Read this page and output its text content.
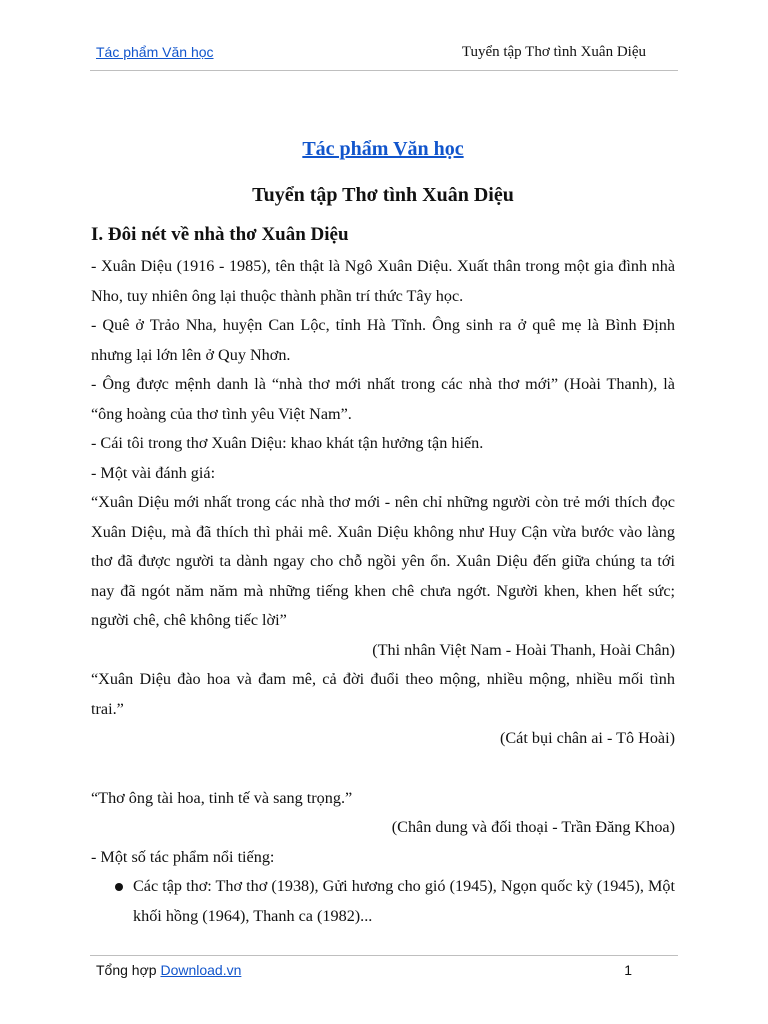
Tác phẩm Văn học	Tuyển tập Thơ tình Xuân Diệu
Tác phẩm Văn học
Tuyển tập Thơ tình Xuân Diệu
I. Đôi nét về nhà thơ Xuân Diệu

- Xuân Diệu (1916 - 1985), tên thật là Ngô Xuân Diệu. Xuất thân trong một gia đình nhà Nho, tuy nhiên ông lại thuộc thành phần trí thức Tây học.

- Quê ở Trảo Nha, huyện Can Lộc, tỉnh Hà Tĩnh. Ông sinh ra ở quê mẹ là Bình Định nhưng lại lớn lên ở Quy Nhơn.

- Ông được mệnh danh là “nhà thơ mới nhất trong các nhà thơ mới” (Hoài Thanh), là “ông hoàng của thơ tình yêu Việt Nam”.

- Cái tôi trong thơ Xuân Diệu: khao khát tận hưởng tận hiến.

- Một vài đánh giá:

“Xuân Diệu mới nhất trong các nhà thơ mới - nên chỉ những người còn trẻ mới thích đọc Xuân Diệu, mà đã thích thì phải mê. Xuân Diệu không như Huy Cận vừa bước vào làng thơ đã được người ta dành ngay cho chỗ ngồi yên ổn. Xuân Diệu đến giữa chúng ta tới nay đã ngót năm năm mà những tiếng khen chê chưa ngớt. Người khen, khen hết sức; người chê, chê không tiếc lời”

(Thi nhân Việt Nam - Hoài Thanh, Hoài Chân)

“Xuân Diệu đào hoa và đam mê, cả đời đuổi theo mộng, nhiều mộng, nhiều mối tình trai.”

(Cát bụi chân ai - Tô Hoài)

“Thơ ông tài hoa, tinh tế và sang trọng.”

(Chân dung và đối thoại - Trần Đăng Khoa)

- Một số tác phẩm nổi tiếng:

Các tập thơ: Thơ thơ (1938), Gửi hương cho gió (1945), Ngọn quốc kỳ (1945), Một khối hồng (1964), Thanh ca (1982)...
Tổng hợp Download.vn	1
